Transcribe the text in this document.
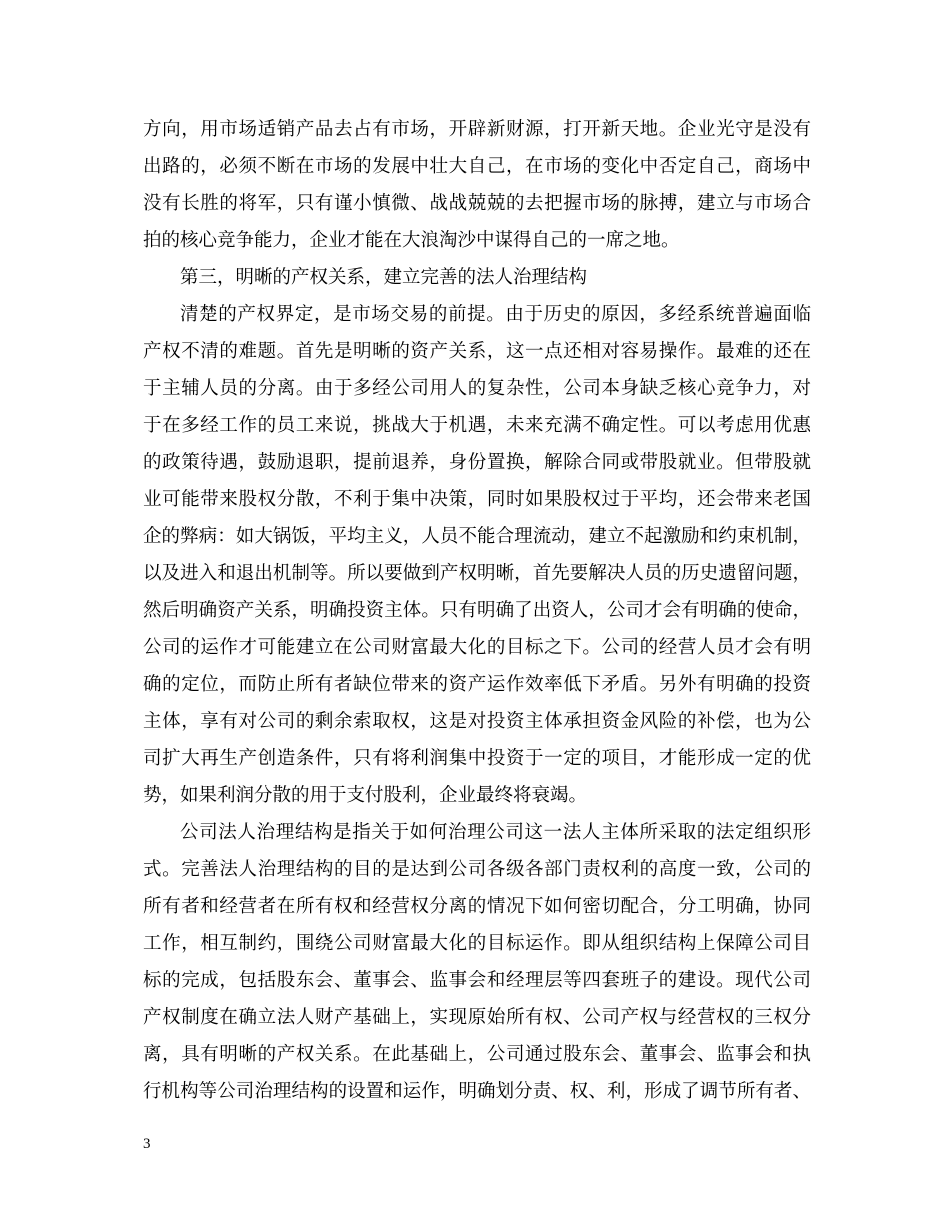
方向，用市场适销产品去占有市场，开辟新财源，打开新天地。企业光守是没有
出路的，必须不断在市场的发展中壮大自己，在市场的变化中否定自己，商场中
没有长胜的将军，只有谨小慎微、战战兢兢的去把握市场的脉搏，建立与市场合
拍的核心竞争能力，企业才能在大浪淘沙中谋得自己的一席之地。
第三，明晰的产权关系，建立完善的法人治理结构
清楚的产权界定，是市场交易的前提。由于历史的原因，多经系统普遍面临
产权不清的难题。首先是明晰的资产关系，这一点还相对容易操作。最难的还在
于主辅人员的分离。由于多经公司用人的复杂性，公司本身缺乏核心竞争力，对
于在多经工作的员工来说，挑战大于机遇，未来充满不确定性。可以考虑用优惠
的政策待遇，鼓励退职，提前退养，身份置换，解除合同或带股就业。但带股就
业可能带来股权分散，不利于集中决策，同时如果股权过于平均，还会带来老国
企的弊病：如大锅饭，平均主义，人员不能合理流动，建立不起激励和约束机制，
以及进入和退出机制等。所以要做到产权明晰，首先要解决人员的历史遗留问题，
然后明确资产关系，明确投资主体。只有明确了出资人，公司才会有明确的使命，
公司的运作才可能建立在公司财富最大化的目标之下。公司的经营人员才会有明
确的定位，而防止所有者缺位带来的资产运作效率低下矛盾。另外有明确的投资
主体，享有对公司的剩余索取权，这是对投资主体承担资金风险的补偿，也为公
司扩大再生产创造条件，只有将利润集中投资于一定的项目，才能形成一定的优
势，如果利润分散的用于支付股利，企业最终将衰竭。
公司法人治理结构是指关于如何治理公司这一法人主体所采取的法定组织形
式。完善法人治理结构的目的是达到公司各级各部门责权利的高度一致，公司的
所有者和经营者在所有权和经营权分离的情况下如何密切配合，分工明确，协同
工作，相互制约，围绕公司财富最大化的目标运作。即从组织结构上保障公司目
标的完成，包括股东会、董事会、监事会和经理层等四套班子的建设。现代公司
产权制度在确立法人财产基础上，实现原始所有权、公司产权与经营权的三权分
离，具有明晰的产权关系。在此基础上，公司通过股东会、董事会、监事会和执
行机构等公司治理结构的设置和运作，明确划分责、权、利，形成了调节所有者、
3
